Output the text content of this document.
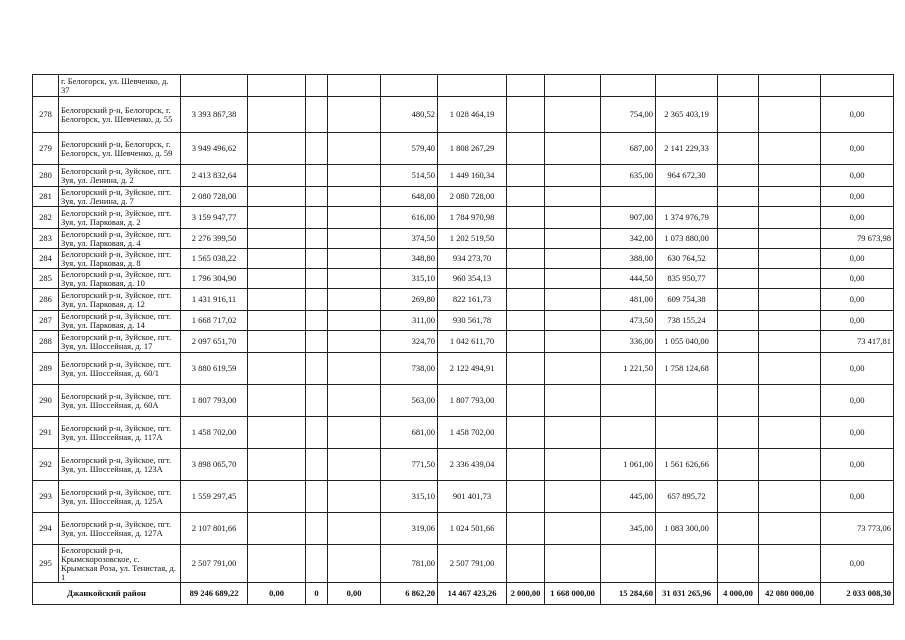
	г. Белогорск, ул. Шевченко, д. 37													
278	Белогорский р-н, Белогорск, г. Белогорск, ул. Шевченко, д. 55	3 393 867,38				480,52	1 028 464,19			754,00	2 365 403,19			0,00
279	Белогорский р-н, Белогорск, г. Белогорск, ул. Шевченко, д. 59	3 949 496,62				579,40	1 808 267,29			687,00	2 141 229,33			0,00
280	Белогорский р-н, Зуйское, пгт. Зуя, ул. Ленина, д. 2	2 413 832,64				514,50	1 449 160,34			635,00	964 672,30			0,00
281	Белогорский р-н, Зуйское, пгт. Зуя, ул. Ленина, д. 7	2 080 728,00				648,00	2 080 728,00							0,00
282	Белогорский р-н, Зуйское, пгт. Зуя, ул. Парковая, д. 2	3 159 947,77				616,00	1 784 970,98			907,00	1 374 976,79			0,00
283	Белогорский р-н, Зуйское, пгт. Зуя, ул. Парковая, д. 4	2 276 399,50				374,50	1 202 519,50			342,00	1 073 880,00			79 673,98
284	Белогорский р-н, Зуйское, пгт. Зуя, ул. Парковая, д. 8	1 565 038,22				348,80	934 273,70			388,00	630 764,52			0,00
285	Белогорский р-н, Зуйское, пгт. Зуя, ул. Парковая, д. 10	1 796 304,90				315,10	960 354,13			444,50	835 950,77			0,00
286	Белогорский р-н, Зуйское, пгт. Зуя, ул. Парковая, д. 12	1 431 916,11				269,80	822 161,73			481,00	609 754,38			0,00
287	Белогорский р-н, Зуйское, пгт. Зуя, ул. Парковая, д. 14	1 668 717,02				311,00	930 561,78			473,50	738 155,24			0,00
288	Белогорский р-н, Зуйское, пгт. Зуя, ул. Шоссейная, д. 17	2 097 651,70				324,70	1 042 611,70			336,00	1 055 040,00			73 417,81
289	Белогорский р-н, Зуйское, пгт. Зуя, ул. Шоссейная, д. 60/1	3 880 619,59				738,00	2 122 494,91			1 221,50	1 758 124,68			0,00
290	Белогорский р-н, Зуйское, пгт. Зуя, ул. Шоссейная, д. 60А	1 807 793,00				563,00	1 807 793,00							0,00
291	Белогорский р-н, Зуйское, пгт. Зуя, ул. Шоссейная, д. 117А	1 458 702,00				681,00	1 458 702,00							0,00
292	Белогорский р-н, Зуйское, пгт. Зуя, ул. Шоссейная, д. 123А	3 898 065,70				771,50	2 336 439,04			1 061,00	1 561 626,66			0,00
293	Белогорский р-н, Зуйское, пгт. Зуя, ул. Шоссейная, д. 125А	1 559 297,45				315,10	901 401,73			445,00	657 895,72			0,00
294	Белогорский р-н, Зуйское, пгт. Зуя, ул. Шоссейная, д. 127А	2 107 801,66				319,06	1 024 501,66			345,00	1 083 300,00			73 773,06
295	Белогорский р-н, Крымскорозовское, с. Крымская Роза, ул. Тенистая, д. 1	2 507 791,00				781,00	2 507 791,00							0,00
Джанкойский район		89 246 689,22	0,00	0	0,00	6 862,20	14 467 423,26	2 000,00	1 668 000,00	15 284,60	31 031 265,96	4 000,00	42 080 000,00	2 033 008,30
